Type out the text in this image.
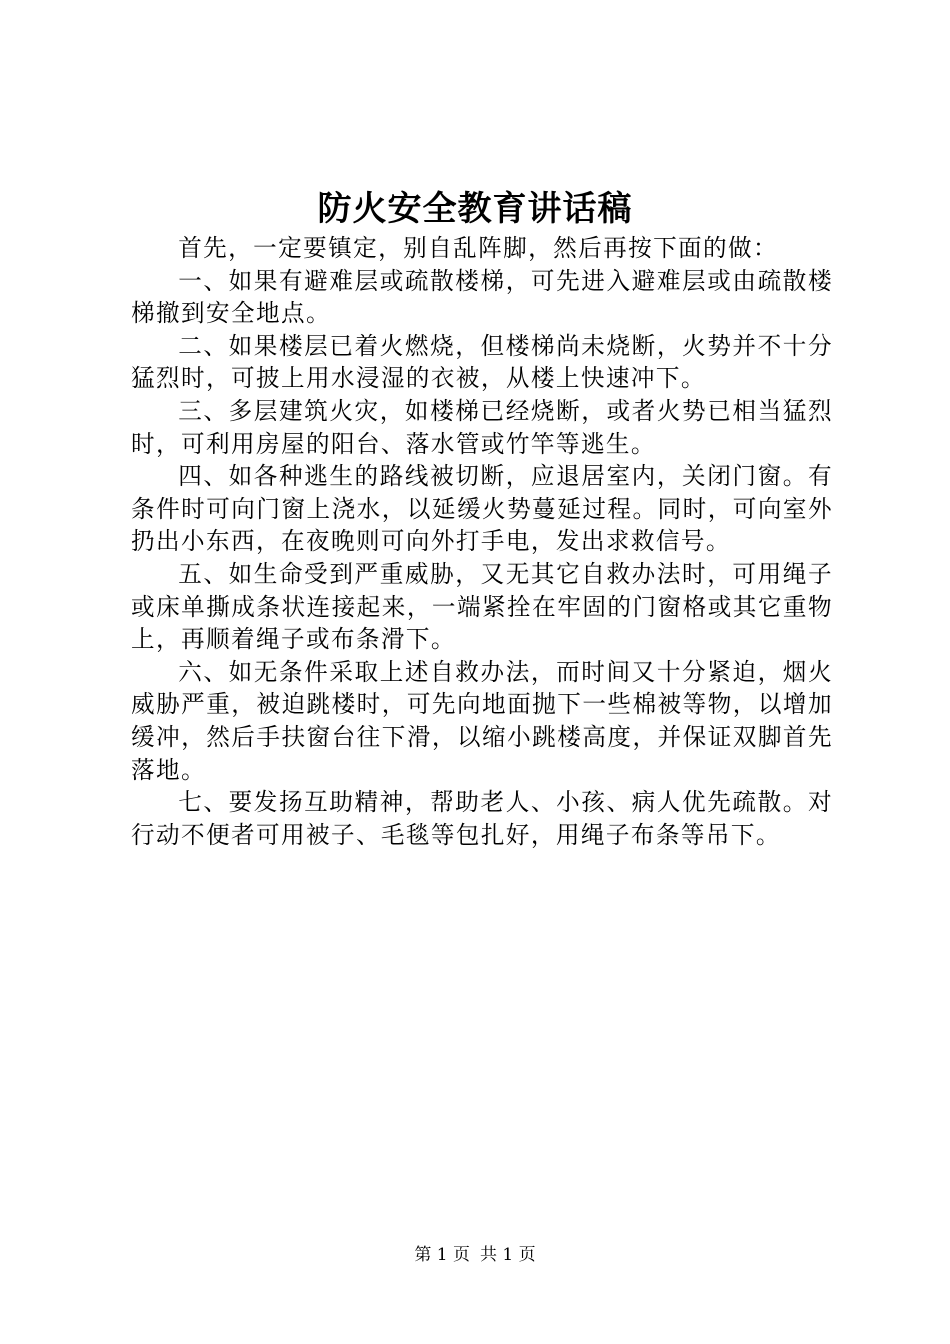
防火安全教育讲话稿

首先，一定要镇定，别自乱阵脚，然后再按下面的做：

一、如果有避难层或疏散楼梯，可先进入避难层或由疏散楼梯撤到安全地点。

二、如果楼层已着火燃烧，但楼梯尚未烧断，火势并不十分猛烈时，可披上用水浸湿的衣被，从楼上快速冲下。

三、多层建筑火灾，如楼梯已经烧断，或者火势已相当猛烈时，可利用房屋的阳台、落水管或竹竿等逃生。

四、如各种逃生的路线被切断，应退居室内，关闭门窗。有条件时可向门窗上浇水，以延缓火势蔓延过程。同时，可向室外扔出小东西，在夜晚则可向外打手电，发出求救信号。

五、如生命受到严重威胁，又无其它自救办法时，可用绳子或床单撕成条状连接起来，一端紧拴在牢固的门窗格或其它重物上，再顺着绳子或布条滑下。

六、如无条件采取上述自救办法，而时间又十分紧迫，烟火威胁严重，被迫跳楼时，可先向地面抛下一些棉被等物，以增加缓冲，然后手扶窗台往下滑，以缩小跳楼高度，并保证双脚首先落地。

七、要发扬互助精神，帮助老人、小孩、病人优先疏散。对行动不便者可用被子、毛毯等包扎好，用绳子布条等吊下。

第 1 页 共 1 页
